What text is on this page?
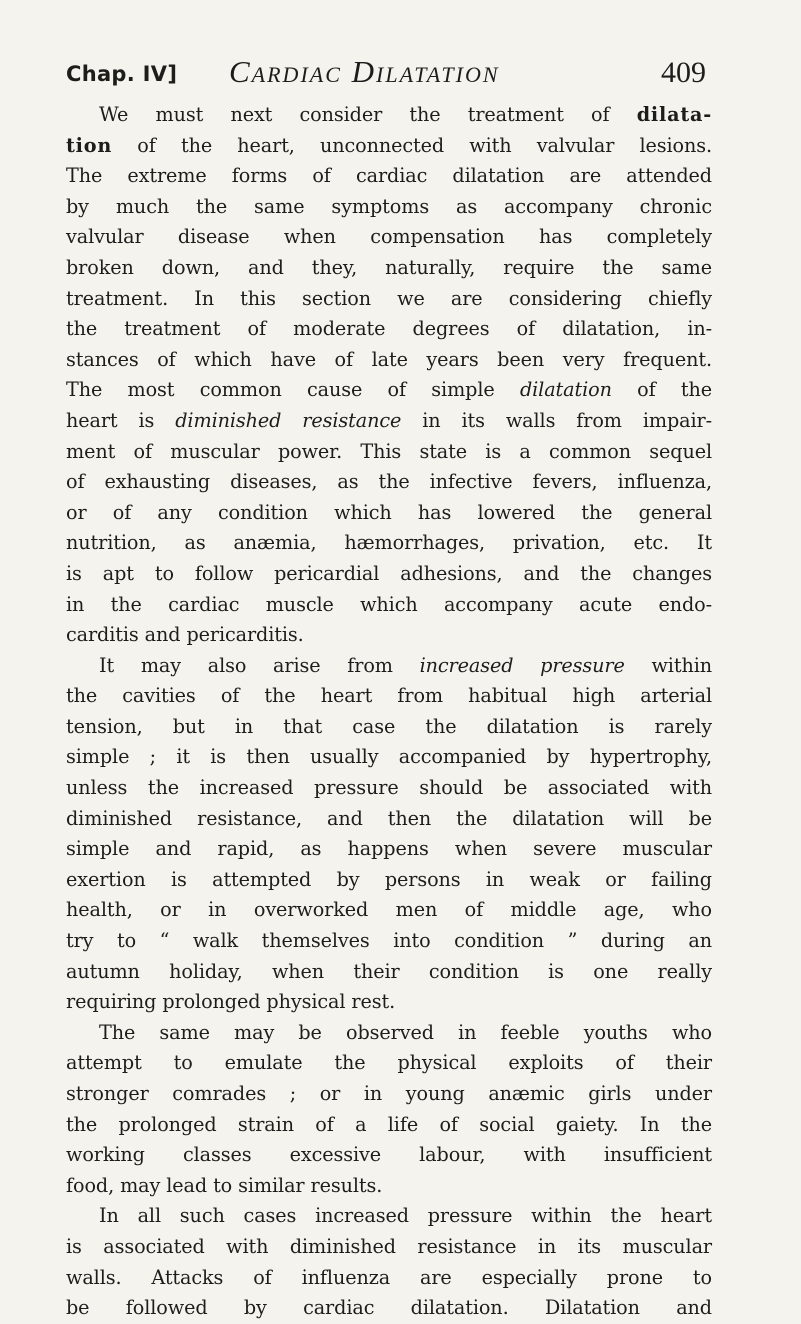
Chap. IV] Cardiac Dilatation	409
We must next consider the treatment of dilata-
tion of the heart, unconnected with valvular lesions.
The extreme forms of cardiac dilatation are attended
by much the same symptoms as accompany chronic
valvular disease when compensation has completely
broken down, and they, naturally, require the same
treatment. In this section we are considering chiefly
the treatment of moderate degrees of dilatation, in-
stances of which have of late years been very frequent.
The most common cause of simple dilatation of the
heart is diminished resistance in its walls from impair-
ment of muscular power. This state is a common sequel
of exhausting diseases, as the infective fevers, influenza,
or of any condition which has lowered the general
nutrition, as anæmia, hæmorrhages, privation, etc. It
is apt to follow pericardial adhesions, and the changes
in the cardiac muscle which accompany acute endo-
carditis and pericarditis.
It may also arise from increased pressure within
the cavities of the heart from habitual high arterial
tension, but in that case the dilatation is rarely
simple ; it is then usually accompanied by hypertrophy,
unless the increased pressure should be associated with
diminished resistance, and then the dilatation will be
simple and rapid, as happens when severe muscular
exertion is attempted by persons in weak or failing
health, or in overworked men of middle age, who
try to “ walk themselves into condition ” during an
autumn holiday, when their condition is one really
requiring prolonged physical rest.
The same may be observed in feeble youths who
attempt to emulate the physical exploits of their
stronger comrades ; or in young anæmic girls under
the prolonged strain of a life of social gaiety. In the
working classes excessive labour, with insufficient
food, may lead to similar results.
In all such cases increased pressure within the heart
is associated with diminished resistance in its muscular
walls. Attacks of influenza are especially prone to
be followed by cardiac dilatation. Dilatation and
